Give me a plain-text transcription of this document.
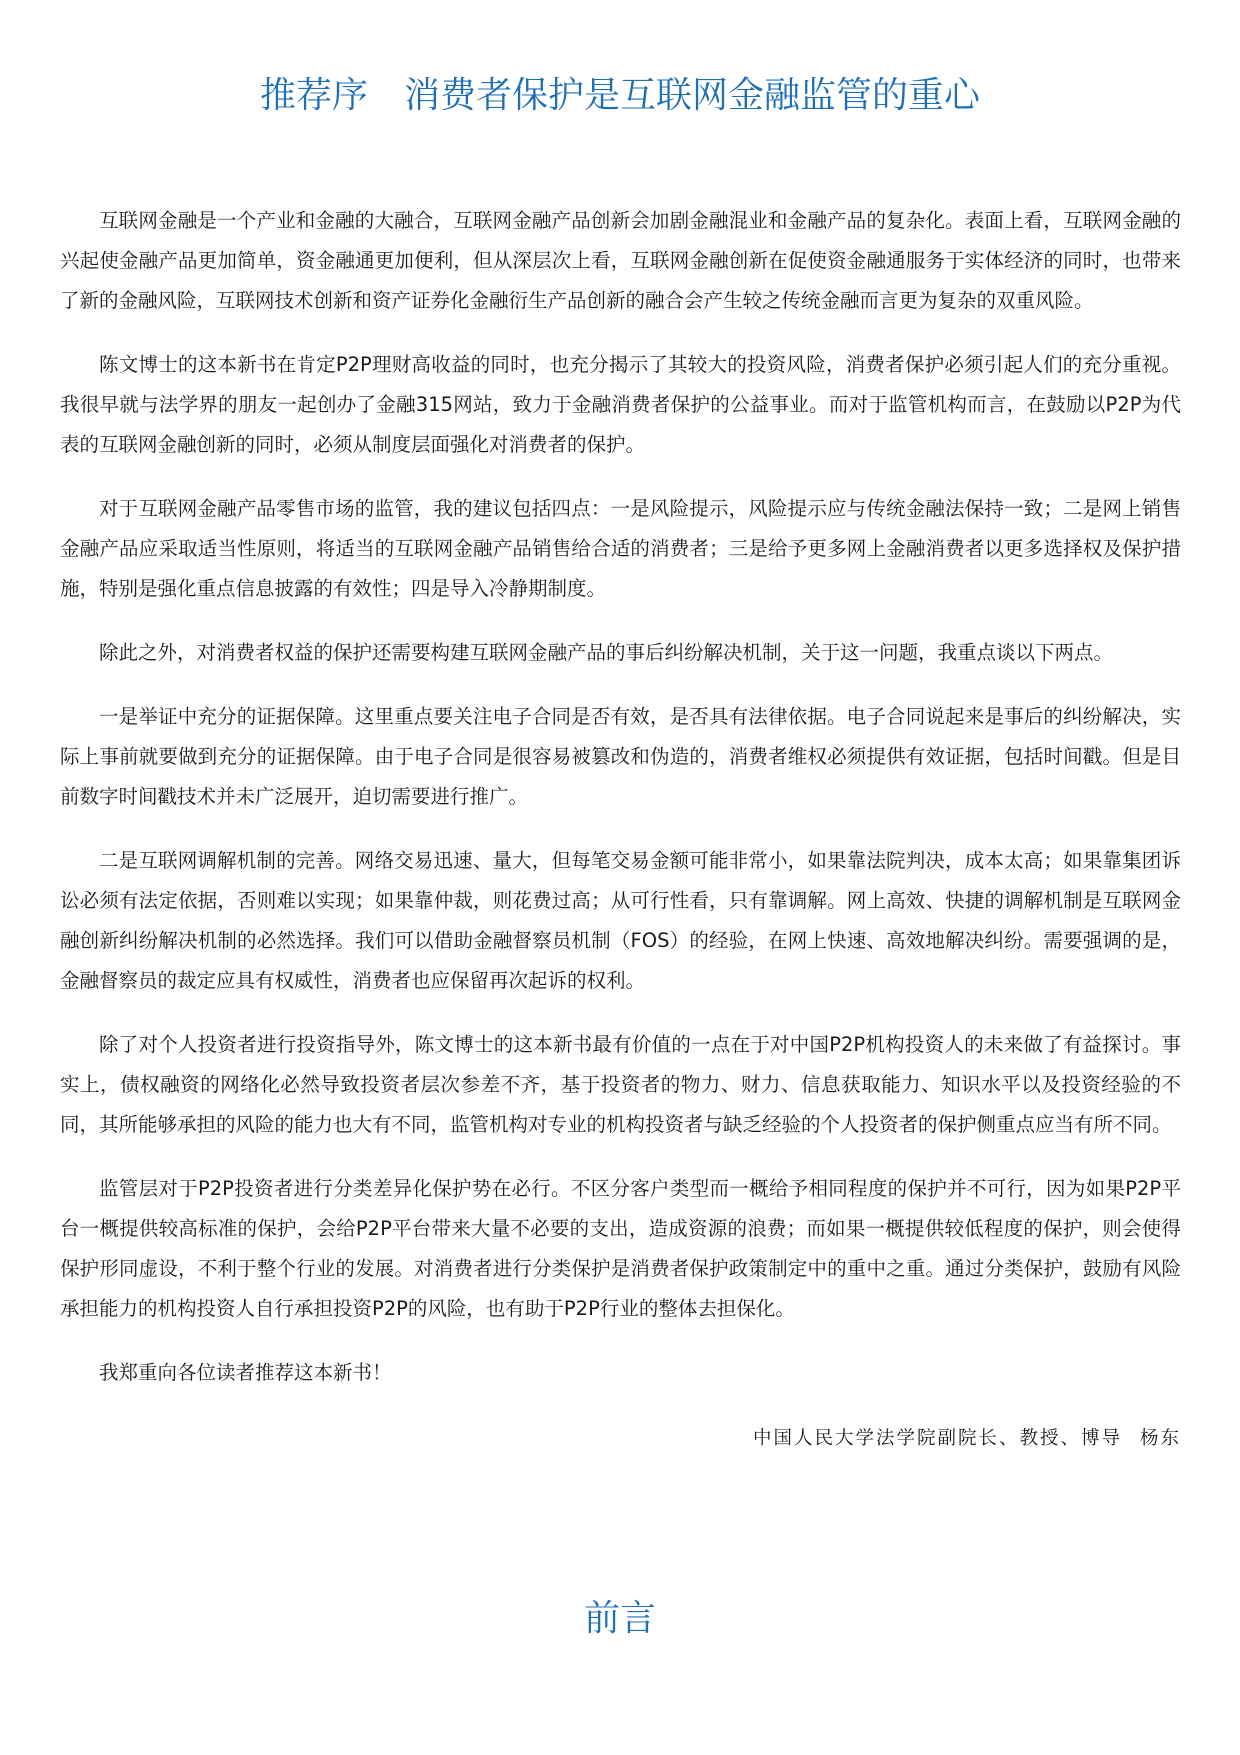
推荐序 消费者保护是互联网金融监管的重心

互联网金融是一个产业和金融的大融合，互联网金融产品创新会加剧金融混业和金融产品的复杂化。表面上看，互联网金融的兴起使金融产品更加简单，资金融通更加便利，但从深层次上看，互联网金融创新在促使资金融通服务于实体经济的同时，也带来了新的金融风险，互联网技术创新和资产证券化金融衍生产品创新的融合会产生较之传统金融而言更为复杂的双重风险。

陈文博士的这本新书在肯定P2P理财高收益的同时，也充分揭示了其较大的投资风险，消费者保护必须引起人们的充分重视。我很早就与法学界的朋友一起创办了金融315网站，致力于金融消费者保护的公益事业。而对于监管机构而言，在鼓励以P2P为代表的互联网金融创新的同时，必须从制度层面强化对消费者的保护。

对于互联网金融产品零售市场的监管，我的建议包括四点：一是风险提示，风险提示应与传统金融法保持一致；二是网上销售金融产品应采取适当性原则，将适当的互联网金融产品销售给合适的消费者；三是给予更多网上金融消费者以更多选择权及保护措施，特别是强化重点信息披露的有效性；四是导入冷静期制度。

除此之外，对消费者权益的保护还需要构建互联网金融产品的事后纠纷解决机制，关于这一问题，我重点谈以下两点。

一是举证中充分的证据保障。这里重点要关注电子合同是否有效，是否具有法律依据。电子合同说起来是事后的纠纷解决，实际上事前就要做到充分的证据保障。由于电子合同是很容易被篡改和伪造的，消费者维权必须提供有效证据，包括时间戳。但是目前数字时间戳技术并未广泛展开，迫切需要进行推广。

二是互联网调解机制的完善。网络交易迅速、量大，但每笔交易金额可能非常小，如果靠法院判决，成本太高；如果靠集团诉讼必须有法定依据，否则难以实现；如果靠仲裁，则花费过高；从可行性看，只有靠调解。网上高效、快捷的调解机制是互联网金融创新纠纷解决机制的必然选择。我们可以借助金融督察员机制（FOS）的经验，在网上快速、高效地解决纠纷。需要强调的是，金融督察员的裁定应具有权威性，消费者也应保留再次起诉的权利。

除了对个人投资者进行投资指导外，陈文博士的这本新书最有价值的一点在于对中国P2P机构投资人的未来做了有益探讨。事实上，债权融资的网络化必然导致投资者层次参差不齐，基于投资者的物力、财力、信息获取能力、知识水平以及投资经验的不同，其所能够承担的风险的能力也大有不同，监管机构对专业的机构投资者与缺乏经验的个人投资者的保护侧重点应当有所不同。

监管层对于P2P投资者进行分类差异化保护势在必行。不区分客户类型而一概给予相同程度的保护并不可行，因为如果P2P平台一概提供较高标准的保护，会给P2P平台带来大量不必要的支出，造成资源的浪费；而如果一概提供较低程度的保护，则会使得保护形同虚设，不利于整个行业的发展。对消费者进行分类保护是消费者保护政策制定中的重中之重。通过分类保护，鼓励有风险承担能力的机构投资人自行承担投资P2P的风险，也有助于P2P行业的整体去担保化。

我郑重向各位读者推荐这本新书！

中国人民大学法学院副院长、教授、博导 杨东
前言
